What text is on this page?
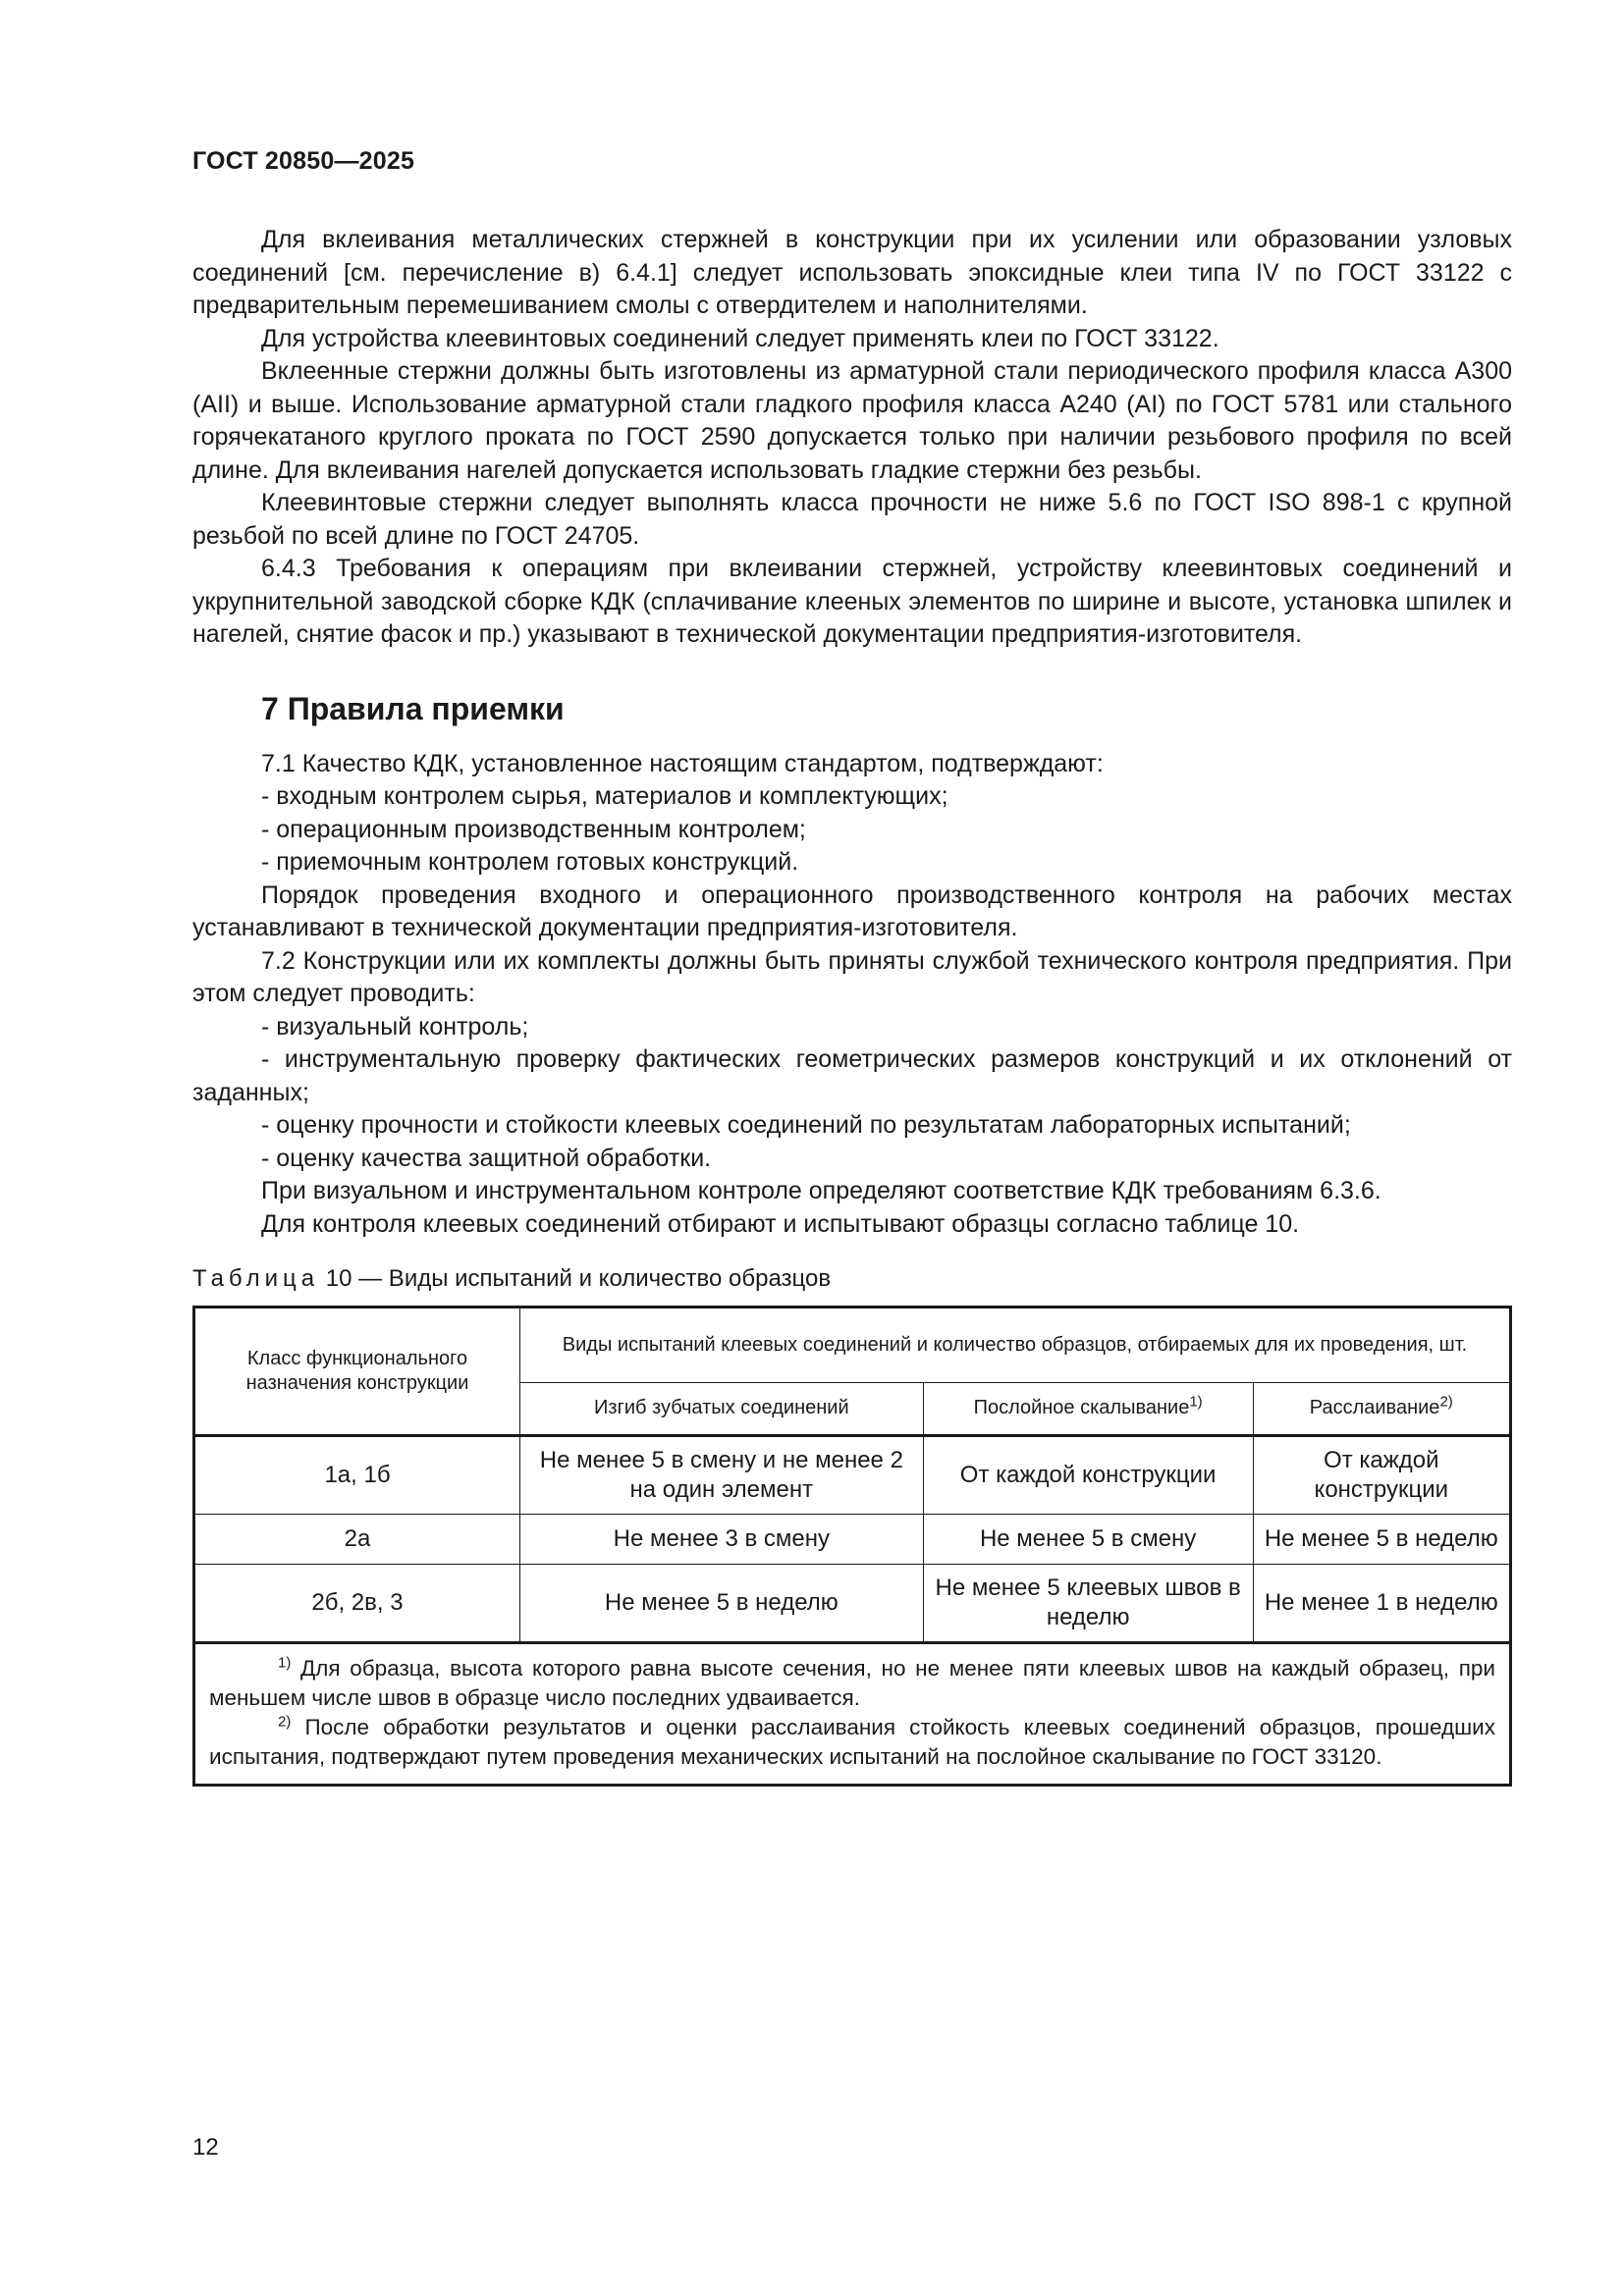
ГОСТ 20850—2025

Для вклеивания металлических стержней в конструкции при их усилении или образовании узловых соединений [см. перечисление в) 6.4.1] следует использовать эпоксидные клеи типа IV по ГОСТ 33122 с предварительным перемешиванием смолы с отвердителем и наполнителями.

Для устройства клеевинтовых соединений следует применять клеи по ГОСТ 33122.

Вклеенные стержни должны быть изготовлены из арматурной стали периодического профиля класса А300 (AII) и выше. Использование арматурной стали гладкого профиля класса А240 (AI) по ГОСТ 5781 или стального горячекатаного круглого проката по ГОСТ 2590 допускается только при наличии резьбового профиля по всей длине. Для вклеивания нагелей допускается использовать гладкие стержни без резьбы.

Клеевинтовые стержни следует выполнять класса прочности не ниже 5.6 по ГОСТ ISO 898-1 с крупной резьбой по всей длине по ГОСТ 24705.

6.4.3 Требования к операциям при вклеивании стержней, устройству клеевинтовых соединений и укрупнительной заводской сборке КДК (сплачивание клееных элементов по ширине и высоте, установка шпилек и нагелей, снятие фасок и пр.) указывают в технической документации предприятия-изготовителя.

7 Правила приемки

7.1 Качество КДК, установленное настоящим стандартом, подтверждают:

- входным контролем сырья, материалов и комплектующих;

- операционным производственным контролем;

- приемочным контролем готовых конструкций.

Порядок проведения входного и операционного производственного контроля на рабочих местах устанавливают в технической документации предприятия-изготовителя.

7.2 Конструкции или их комплекты должны быть приняты службой технического контроля предприятия. При этом следует проводить:

- визуальный контроль;

- инструментальную проверку фактических геометрических размеров конструкций и их отклонений от заданных;

- оценку прочности и стойкости клеевых соединений по результатам лабораторных испытаний;

- оценку качества защитной обработки.

При визуальном и инструментальном контроле определяют соответствие КДК требованиям 6.3.6.

Для контроля клеевых соединений отбирают и испытывают образцы согласно таблице 10.

Таблица 10 — Виды испытаний и количество образцов
Класс функционального назначения конструкции	Виды испытаний клеевых соединений и количество образцов, отбираемых для их проведения, шт.		
	Изгиб зубчатых соединений	Послойное скалывание$^{1)}$	Расслаивание$^{2)}$
1а, 1б	Не менее 5 в смену и не менее 2 на один элемент	От каждой конструкции	От каждой конструкции
2а	Не менее 3 в смену	Не менее 5 в смену	Не менее 5 в неделю
2б, 2в, 3	Не менее 5 в неделю	Не менее 5 клеевых швов в неделю	Не менее 1 в неделю

$^{1)}$ Для образца, высота которого равна высоте сечения, но не менее пяти клеевых швов на каждый образец, при меньшем числе швов в образце число последних удваивается.

$^{2)}$ После обработки результатов и оценки расслаивания стойкость клеевых соединений образцов, прошедших испытания, подтверждают путем проведения механических испытаний на послойное скалывание по ГОСТ 33120.			

12
